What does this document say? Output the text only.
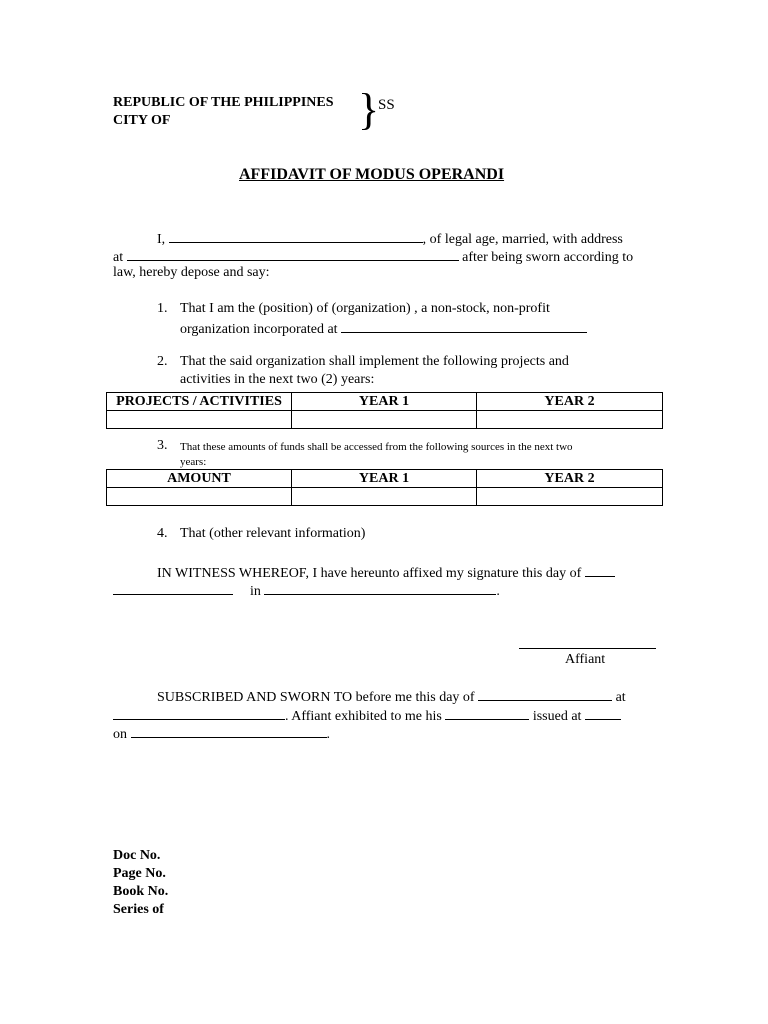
REPUBLIC OF THE PHILIPPINES
CITY OF	}
SS
AFFIDAVIT OF MODUS OPERANDI
I,	, of legal age, married, with address
at	after being sworn according to
law, hereby depose and say:
1. That I am the (position) of (organization) , a non-stock, non-profit
organization incorporated at
2. That the said organization shall implement the following projects and
activities in the next two (2) years:
PROJECTS / ACTIVITIES	YEAR 1	YEAR 2

3. That these amounts of funds shall be accessed from the following sources in the next two
years:
AMOUNT	YEAR 1	YEAR 2

4. That (other relevant information)
IN WITNESS WHEREOF, I have hereunto affixed my signature this day of
in	.
Affiant
SUBSCRIBED AND SWORN TO before me this day of	at
. Affiant exhibited to me his	issued at
on	.
Doc No.
Page No.
Book No.
Series of
